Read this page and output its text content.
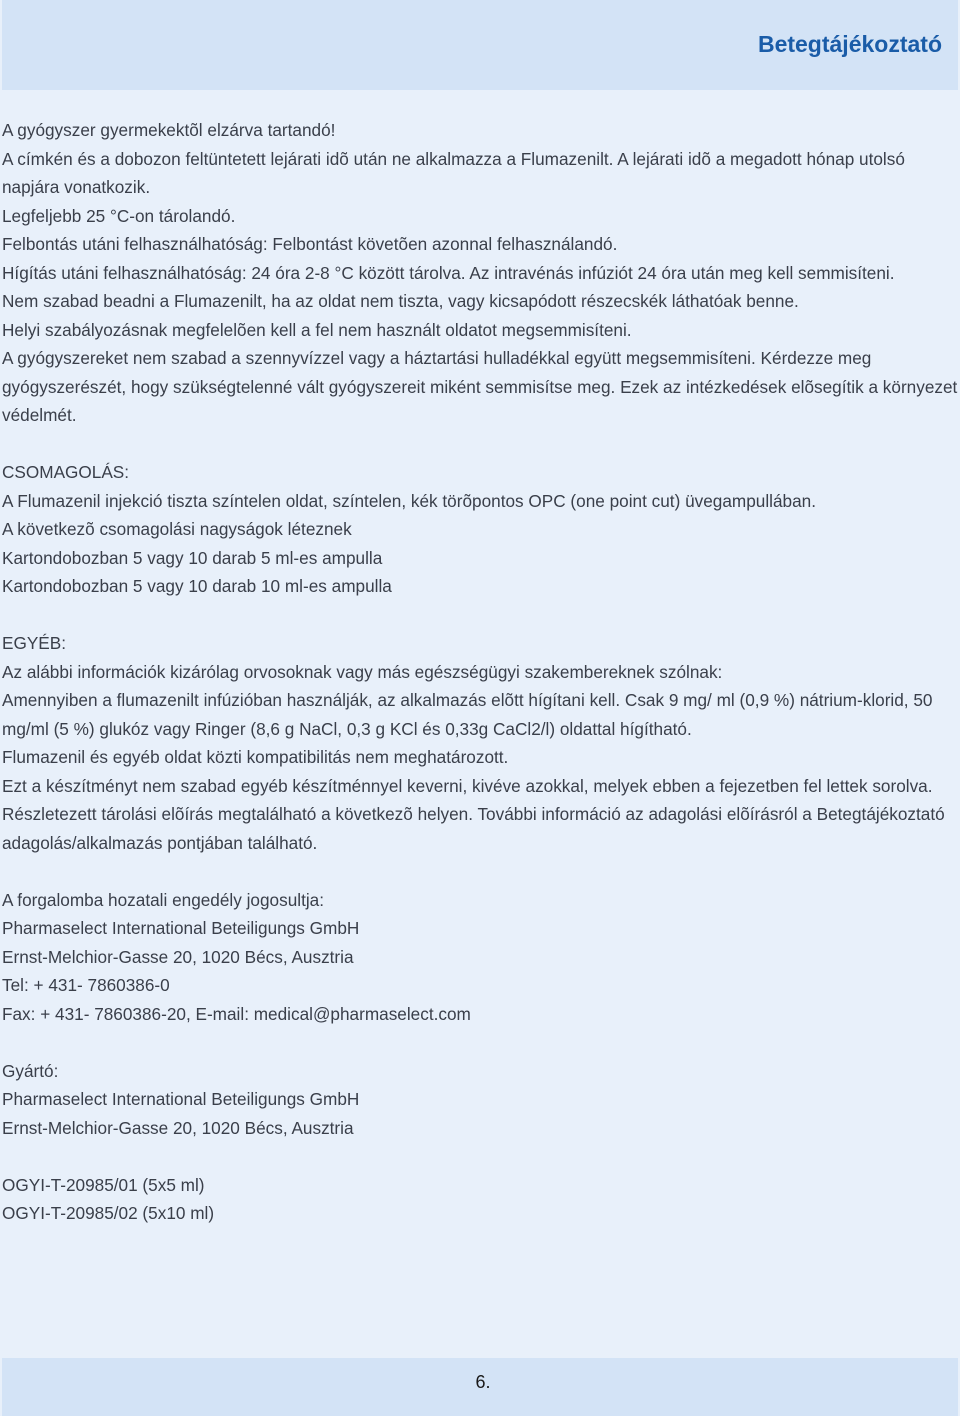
Betegtájékoztató

A gyógyszer gyermekektõl elzárva tartandó!

A címkén és a dobozon feltüntetett lejárati idõ után ne alkalmazza a Flumazenilt. A lejárati idõ a megadott hónap utolsó napjára vonatkozik.

Legfeljebb 25 °C-on tárolandó.

Felbontás utáni felhasználhatóság: Felbontást követõen azonnal felhasználandó.

Hígítás utáni felhasználhatóság: 24 óra 2-8 °C között tárolva. Az intravénás infúziót 24 óra után meg kell semmisíteni.

Nem szabad beadni a Flumazenilt, ha az oldat nem tiszta, vagy kicsapódott részecskék láthatóak benne.

Helyi szabályozásnak megfelelõen kell a fel nem használt oldatot megsemmisíteni.

A gyógyszereket nem szabad a szennyvízzel vagy a háztartási hulladékkal együtt megsemmisíteni. Kérdezze meg gyógyszerészét, hogy szükségtelenné vált gyógyszereit miként semmisítse meg. Ezek az intézkedések elõsegítik a környezet védelmét.

CSOMAGOLÁS:

A Flumazenil injekció tiszta színtelen oldat, színtelen, kék törõpontos OPC (one point cut) üvegampullában.

A következõ csomagolási nagyságok léteznek

Kartondobozban 5 vagy 10 darab 5 ml-es ampulla

Kartondobozban 5 vagy 10 darab 10 ml-es ampulla

EGYÉB:

Az alábbi információk kizárólag orvosoknak vagy más egészségügyi szakembereknek szólnak:

Amennyiben a flumazenilt infúzióban használják, az alkalmazás elõtt hígítani kell. Csak 9 mg/ ml (0,9 %) nátrium-klorid, 50 mg/ml (5 %) glukóz vagy Ringer (8,6 g NaCl, 0,3 g KCl és 0,33g CaCl2/l) oldattal hígítható.

Flumazenil és egyéb oldat közti kompatibilitás nem meghatározott.

Ezt a készítményt nem szabad egyéb készítménnyel keverni, kivéve azokkal, melyek ebben a fejezetben fel lettek sorolva.

Részletezett tárolási elõírás megtalálható a következõ helyen. További információ az adagolási elõírásról a Betegtájékoztató adagolás/alkalmazás pontjában található.

A forgalomba hozatali engedély jogosultja:

Pharmaselect International Beteiligungs GmbH

Ernst-Melchior-Gasse 20, 1020 Bécs, Ausztria

Tel: + 431- 7860386-0

Fax: + 431- 7860386-20, E-mail: medical@pharmaselect.com

Gyártó:

Pharmaselect International Beteiligungs GmbH

Ernst-Melchior-Gasse 20, 1020 Bécs, Ausztria

OGYI-T-20985/01 (5x5 ml)

OGYI-T-20985/02 (5x10 ml)

6.
